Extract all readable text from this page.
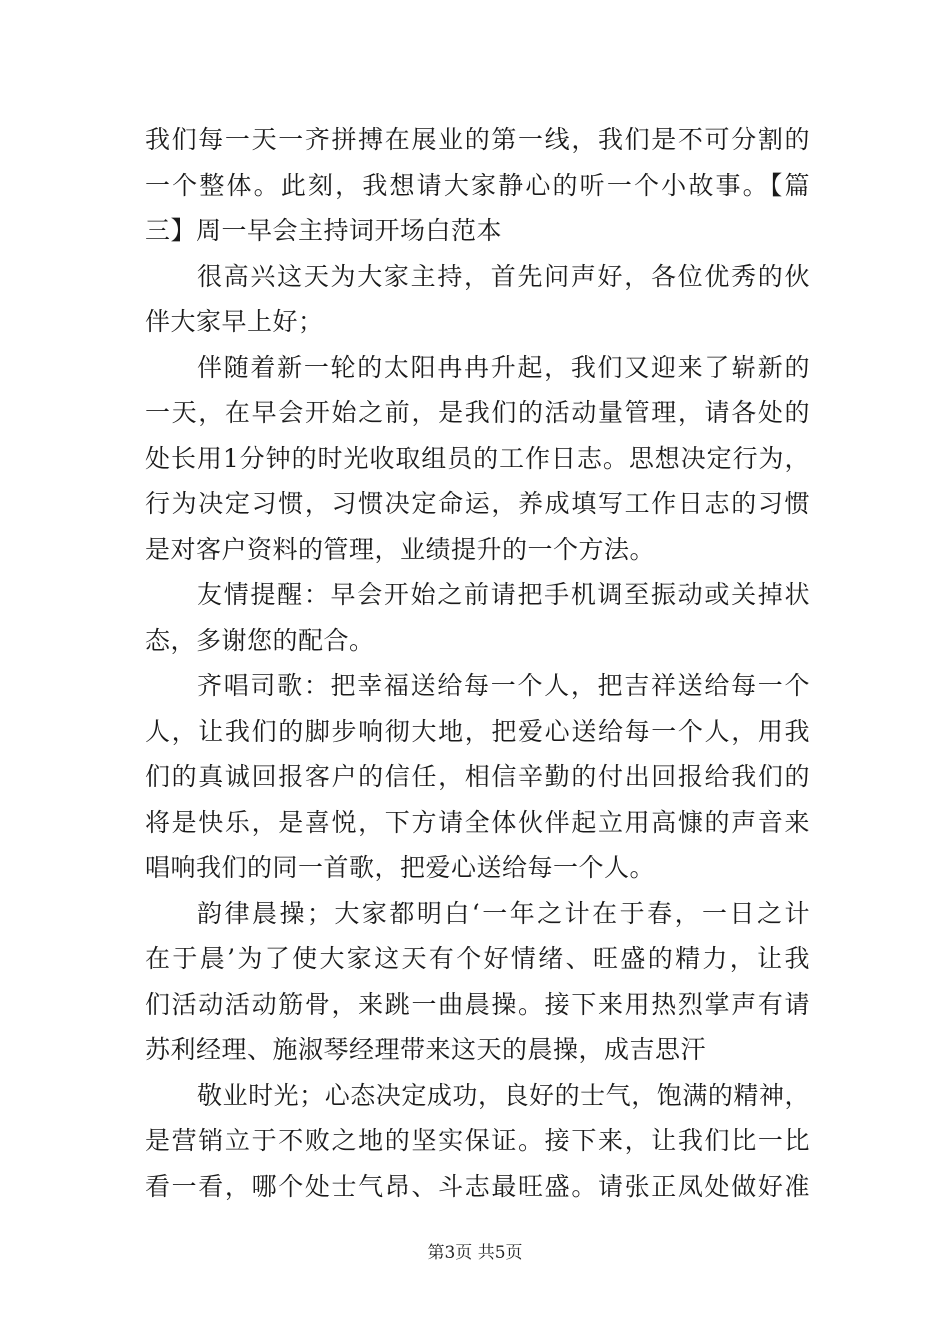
我们每一天一齐拼搏在展业的第一线，我们是不可分割的
一个整体。此刻，我想请大家静心的听一个小故事。【篇
三】周一早会主持词开场白范本
很高兴这天为大家主持，首先问声好，各位优秀的伙
伴大家早上好；
伴随着新一轮的太阳冉冉升起，我们又迎来了崭新的
一天，在早会开始之前，是我们的活动量管理，请各处的
处长用1分钟的时光收取组员的工作日志。思想决定行为，
行为决定习惯，习惯决定命运，养成填写工作日志的习惯
是对客户资料的管理，业绩提升的一个方法。
友情提醒：早会开始之前请把手机调至振动或关掉状
态，多谢您的配合。
齐唱司歌：把幸福送给每一个人，把吉祥送给每一个
人，让我们的脚步响彻大地，把爱心送给每一个人，用我
们的真诚回报客户的信任，相信辛勤的付出回报给我们的
将是快乐，是喜悦，下方请全体伙伴起立用高慷的声音来
唱响我们的同一首歌，把爱心送给每一个人。
韵律晨操；大家都明白‘一年之计在于春，一日之计
在于晨’为了使大家这天有个好情绪、旺盛的精力，让我
们活动活动筋骨，来跳一曲晨操。接下来用热烈掌声有请
苏利经理、施淑琴经理带来这天的晨操，成吉思汗
敬业时光；心态决定成功，良好的士气，饱满的精神，
是营销立于不败之地的坚实保证。接下来，让我们比一比
看一看，哪个处士气昂、斗志最旺盛。请张正凤处做好准
第3页 共5页
